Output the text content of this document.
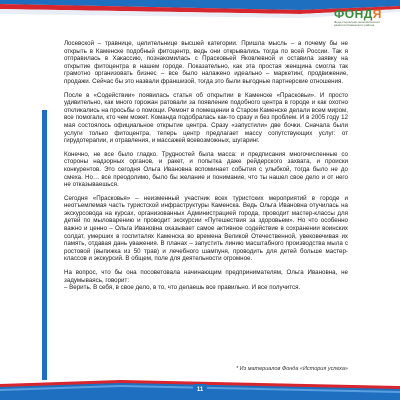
ФОНДЯ
Фонд социально-экономического развития Каменского района

Лосевской – травнице, целительнице высшей категории. Пришла мысль – а почему бы не открыть в Каменске подобный фитоцентр, ведь они открывались тогда по всей России. Так я отправилась в Хакассию, познакомилась с Прасковьей Яковлевной и оставила заявку на открытие фитоцентра в нашем городе. Показательно, как эта простая женщина смогла так грамотно организовать бизнес – все было налажено идеально – маркетинг, продвижение, продажи. Сейчас бы это назвали франшизой, тогда это были выгодные партнерские отношения.

После в «Содействии» появилась статья об открытии в Каменске «Прасковьи». И просто удивительно, как много горожан ратовали за появление подобного центра в городе и как охотно откликались на просьбы о помощи. Ремонт в помещении в Старом Каменске делали всем миром, все помогали, кто чем может. Команда подобралась как-то сразу и без проблем. И в 2005 году 12 мая состоялось официальное открытие центра. Сразу «запустили» две бочки. Сначала были услуги только фитоцентра, теперь центр предлагает массу сопутствующих услуг: от гирудотерапии, и отравления, и массажей всевозможных, шугаринг.

Конечно, не все было гладко. Трудностей была масса: и предписания многочисленные со стороны надзорных органов, и ракет, и попытка даже рейдерского захвата, и происки конкурентов. Это сегодня Ольга Ивановна вспоминает события с улыбкой, тогда было не до смеха. Но… все преодолимо, было бы желание и понимание, что ты нашел свое дело и от него не отказываешься.

Сегодня «Прасковья» – неизменный участник всех туристских мероприятий в городе и неотъемлемая часть туристской инфраструктуры Каменска. Ведь Ольга Ивановна отучилась на экскурсовода на курсах, организованных Администрацией города, проводит мастер-классы для детей по мыловарению и проводит экскурсии «Путешествия за здоровьем». Но что особенно важно и ценно – Ольга Ивановна оказывает самое активное содействие в сохранении воинских солдат, умерших в госпиталях Каменска во времена Великой Отечественной, увековечивая их память, отдавая дань уважения. В планах – запустить линию масштабного производства мыла с ростовой (выпижка из 50 трав) и лечебного шампуня, проводить для детей больше мастер-классов и экскурсий. В общем, поле для деятельности огромное.

На вопрос, что бы она посоветовала начинающим предпринимателям, Ольга Ивановна, не задумываясь, говорит:
– Верить. В себя, в свое дело, в то, что делаешь все правильно. И все получится.

* Из материалов Фонда «История успеха»
11
